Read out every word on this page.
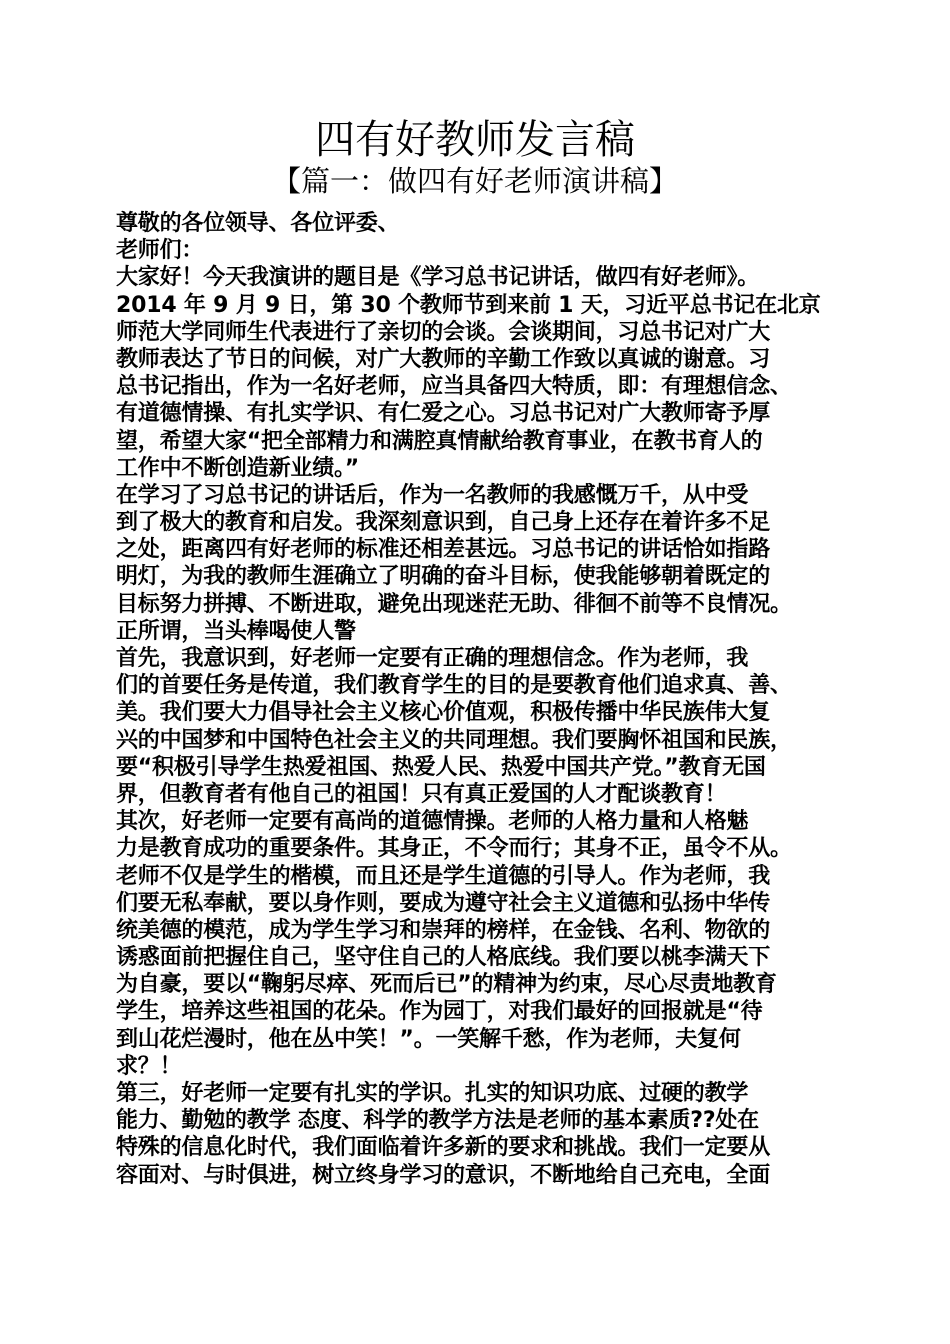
四有好教师发言稿
【篇一：做四有好老师演讲稿】
尊敬的各位领导、各位评委、
老师们：
大家好！今天我演讲的题目是《学习总书记讲话，做四有好老师》。
2014 年 9 月 9 日，第 30 个教师节到来前 1 天，习近平总书记在北京
师范大学同师生代表进行了亲切的会谈。会谈期间，习总书记对广大
教师表达了节日的问候，对广大教师的辛勤工作致以真诚的谢意。习
总书记指出，作为一名好老师，应当具备四大特质，即：有理想信念、
有道德情操、有扎实学识、有仁爱之心。习总书记对广大教师寄予厚
望，希望大家“把全部精力和满腔真情献给教育事业，在教书育人的
工作中不断创造新业绩。”
在学习了习总书记的讲话后，作为一名教师的我感慨万千，从中受
到了极大的教育和启发。我深刻意识到，自己身上还存在着许多不足
之处，距离四有好老师的标准还相差甚远。习总书记的讲话恰如指路
明灯，为我的教师生涯确立了明确的奋斗目标，使我能够朝着既定的
目标努力拼搏、不断进取，避免出现迷茫无助、徘徊不前等不良情况。
正所谓，当头棒喝使人警
首先，我意识到，好老师一定要有正确的理想信念。作为老师，我
们的首要任务是传道，我们教育学生的目的是要教育他们追求真、善、
美。我们要大力倡导社会主义核心价值观，积极传播中华民族伟大复
兴的中国梦和中国特色社会主义的共同理想。我们要胸怀祖国和民族，
要“积极引导学生热爱祖国、热爱人民、热爱中国共产党。”教育无国
界，但教育者有他自己的祖国！只有真正爱国的人才配谈教育！
其次，好老师一定要有高尚的道德情操。老师的人格力量和人格魅
力是教育成功的重要条件。其身正，不令而行；其身不正，虽令不从。
老师不仅是学生的楷模，而且还是学生道德的引导人。作为老师，我
们要无私奉献，要以身作则，要成为遵守社会主义道德和弘扬中华传
统美德的模范，成为学生学习和崇拜的榜样，在金钱、名利、物欲的
诱惑面前把握住自己，坚守住自己的人格底线。我们要以桃李满天下
为自豪，要以“鞠躬尽瘁、死而后已”的精神为约束，尽心尽责地教育
学生，培养这些祖国的花朵。作为园丁，对我们最好的回报就是“待
到山花烂漫时，他在丛中笑！”。一笑解千愁，作为老师，夫复何
求？！
第三，好老师一定要有扎实的学识。扎实的知识功底、过硬的教学
能力、勤勉的教学 态度、科学的教学方法是老师的基本素质??处在
特殊的信息化时代，我们面临着许多新的要求和挑战。我们一定要从
容面对、与时俱进，树立终身学习的意识，不断地给自己充电，全面
